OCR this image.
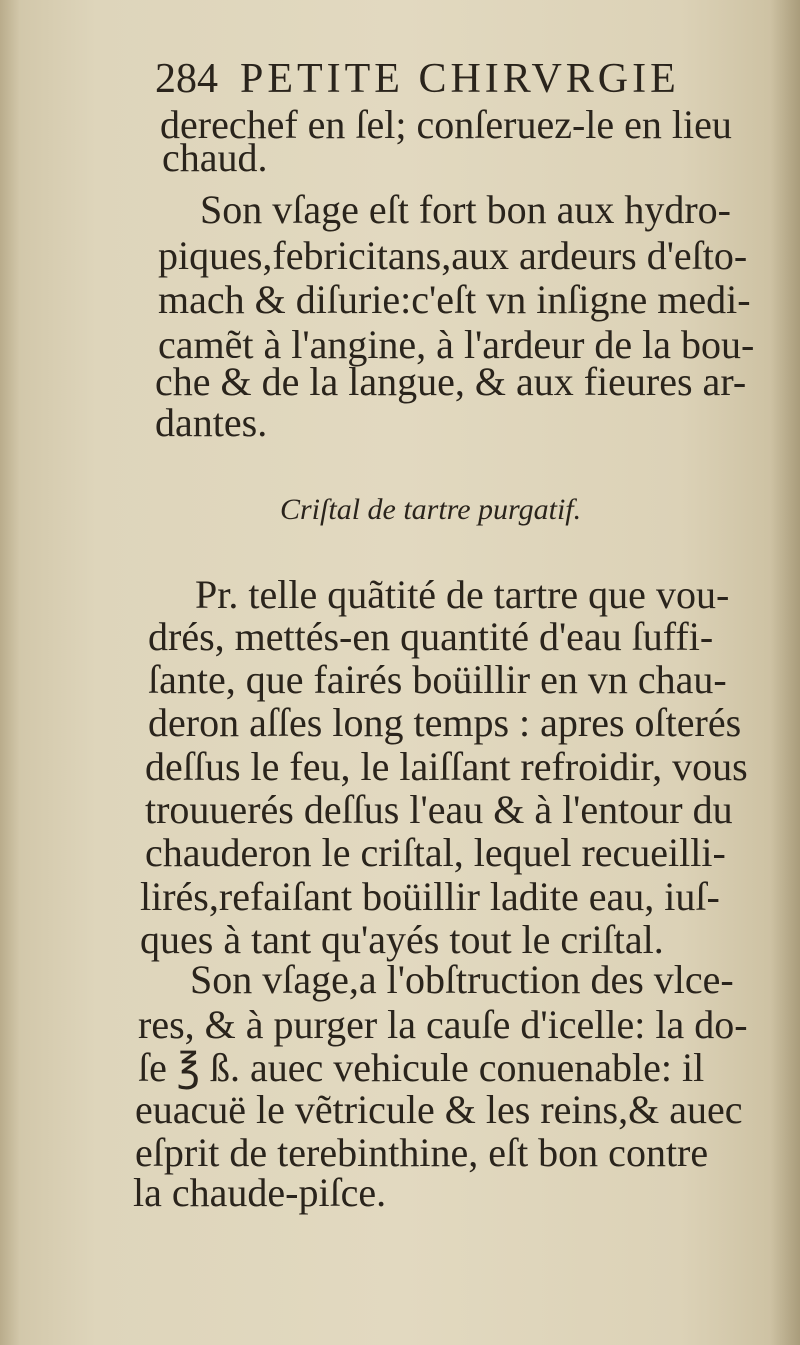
284 PETITE CHIRVRGIE
derechef en ſel; conſeruez-le en lieu
chaud.
Son vſage eſt fort bon aux hydro-
piques,febricitans,aux ardeurs d'eſto-
mach & diſurie:c'eſt vn inſigne medi-
camẽt à l'angine, à l'ardeur de la bou-
che & de la langue, & aux fieures ar-
dantes.
Criſtal de tartre purgatif.
Pr. telle quãtité de tartre que vou-
drés, mettés-en quantité d'eau ſuffi-
ſante, que fairés boüillir en vn chau-
deron aſſes long temps : apres oſterés
deſſus le feu, le laiſſant refroidir, vous
trouuerés deſſus l'eau & à l'entour du
chauderon le criſtal, lequel recueilli-
lirés,refaiſant boüillir ladite eau, iuſ-
ques à tant qu'ayés tout le criſtal.
Son vſage,a l'obſtruction des vlce-
res, & à purger la cauſe d'icelle: la do-
ſe ℥ ß. auec vehicule conuenable: il
euacuë le vẽtricule & les reins,& auec
eſprit de terebinthine, eſt bon contre
la chaude-piſce.
